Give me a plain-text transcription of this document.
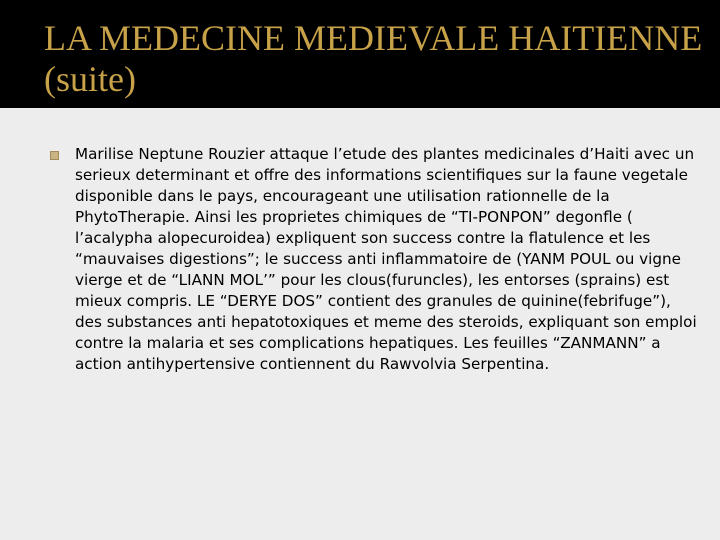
LA MEDECINE MEDIEVALE HAITIENNE (suite)

Marilise Neptune Rouzier attaque l’etude des plantes medicinales d’Haiti avec un serieux determinant et offre des informations scientifiques sur la faune vegetale disponible dans le pays, encourageant une utilisation rationnelle de la PhytoTherapie. Ainsi les proprietes chimiques de “TI-PONPON” degonfle ( l’acalypha alopecuroidea) expliquent son success contre la flatulence et les “mauvaises digestions”; le success anti inflammatoire de (YANM POUL ou vigne vierge et de “LIANN MOL’” pour les clous(furuncles), les entorses (sprains) est mieux compris. LE “DERYE DOS” contient des granules de quinine(febrifuge”), des substances anti hepatotoxiques et meme des steroids, expliquant son emploi contre la malaria et ses complications hepatiques. Les feuilles “ZANMANN” a action antihypertensive contiennent du Rawvolvia Serpentina.
